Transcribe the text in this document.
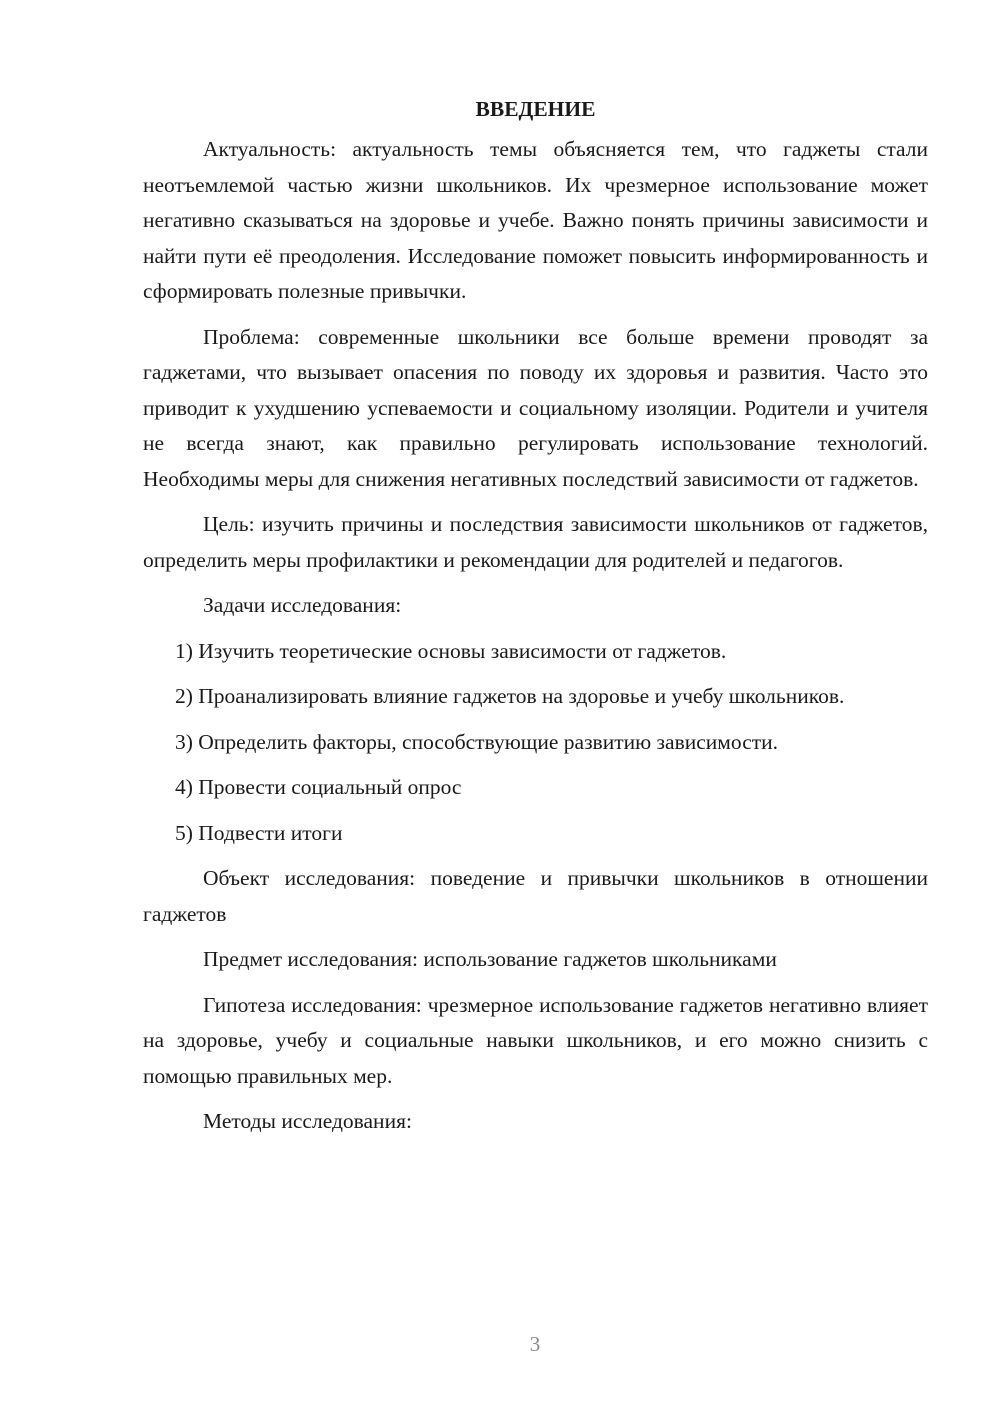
ВВЕДЕНИЕ

Актуальность: актуальность темы объясняется тем, что гаджеты стали неотъемлемой частью жизни школьников. Их чрезмерное использование может негативно сказываться на здоровье и учебе. Важно понять причины зависимости и найти пути её преодоления. Исследование поможет повысить информированность и сформировать полезные привычки.

Проблема: современные школьники все больше времени проводят за гаджетами, что вызывает опасения по поводу их здоровья и развития. Часто это приводит к ухудшению успеваемости и социальному изоляции. Родители и учителя не всегда знают, как правильно регулировать использование технологий. Необходимы меры для снижения негативных последствий зависимости от гаджетов.

Цель: изучить причины и последствия зависимости школьников от гаджетов, определить меры профилактики и рекомендации для родителей и педагогов.

Задачи исследования:

1) Изучить теоретические основы зависимости от гаджетов.

2) Проанализировать влияние гаджетов на здоровье и учебу школьников.

3) Определить факторы, способствующие развитию зависимости.

4) Провести социальный опрос

5) Подвести итоги

Объект исследования: поведение и привычки школьников в отношении гаджетов

Предмет исследования: использование гаджетов школьниками

Гипотеза исследования: чрезмерное использование гаджетов негативно влияет на здоровье, учебу и социальные навыки школьников, и его можно снизить с помощью правильных мер.

Методы исследования:

3
